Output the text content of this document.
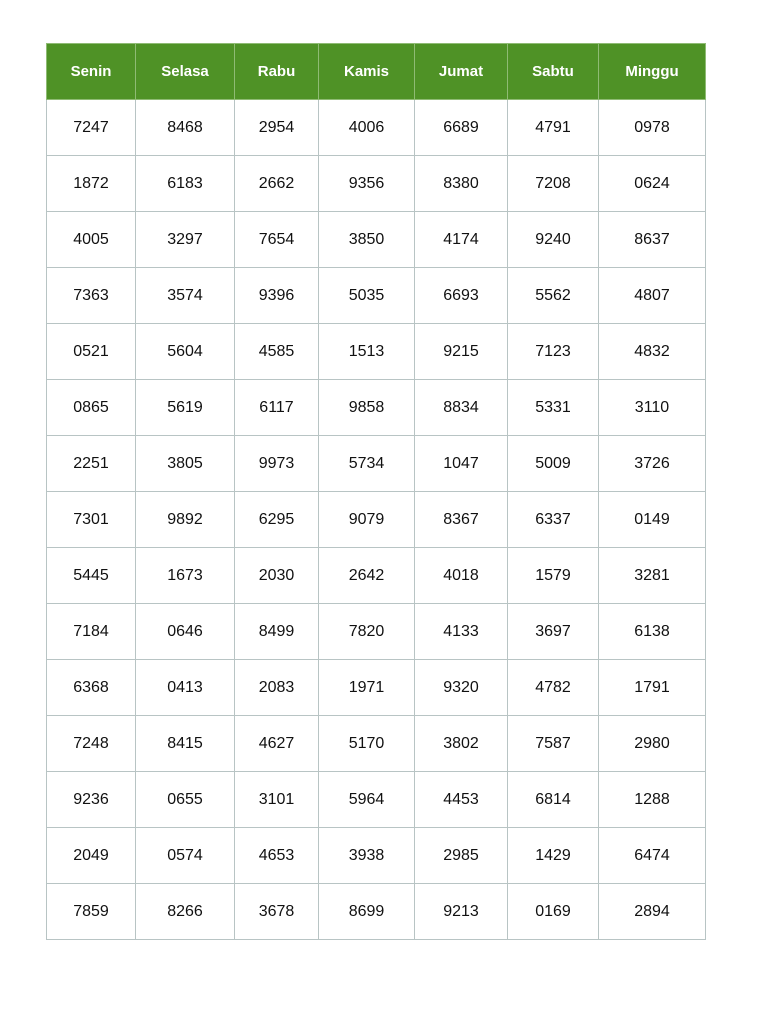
Senin	Selasa	Rabu	Kamis	Jumat	Sabtu	Minggu
7247	8468	2954	4006	6689	4791	0978
1872	6183	2662	9356	8380	7208	0624
4005	3297	7654	3850	4174	9240	8637
7363	3574	9396	5035	6693	5562	4807
0521	5604	4585	1513	9215	7123	4832
0865	5619	6117	9858	8834	5331	3110
2251	3805	9973	5734	1047	5009	3726
7301	9892	6295	9079	8367	6337	0149
5445	1673	2030	2642	4018	1579	3281
7184	0646	8499	7820	4133	3697	6138
6368	0413	2083	1971	9320	4782	1791
7248	8415	4627	5170	3802	7587	2980
9236	0655	3101	5964	4453	6814	1288
2049	0574	4653	3938	2985	1429	6474
7859	8266	3678	8699	9213	0169	2894
